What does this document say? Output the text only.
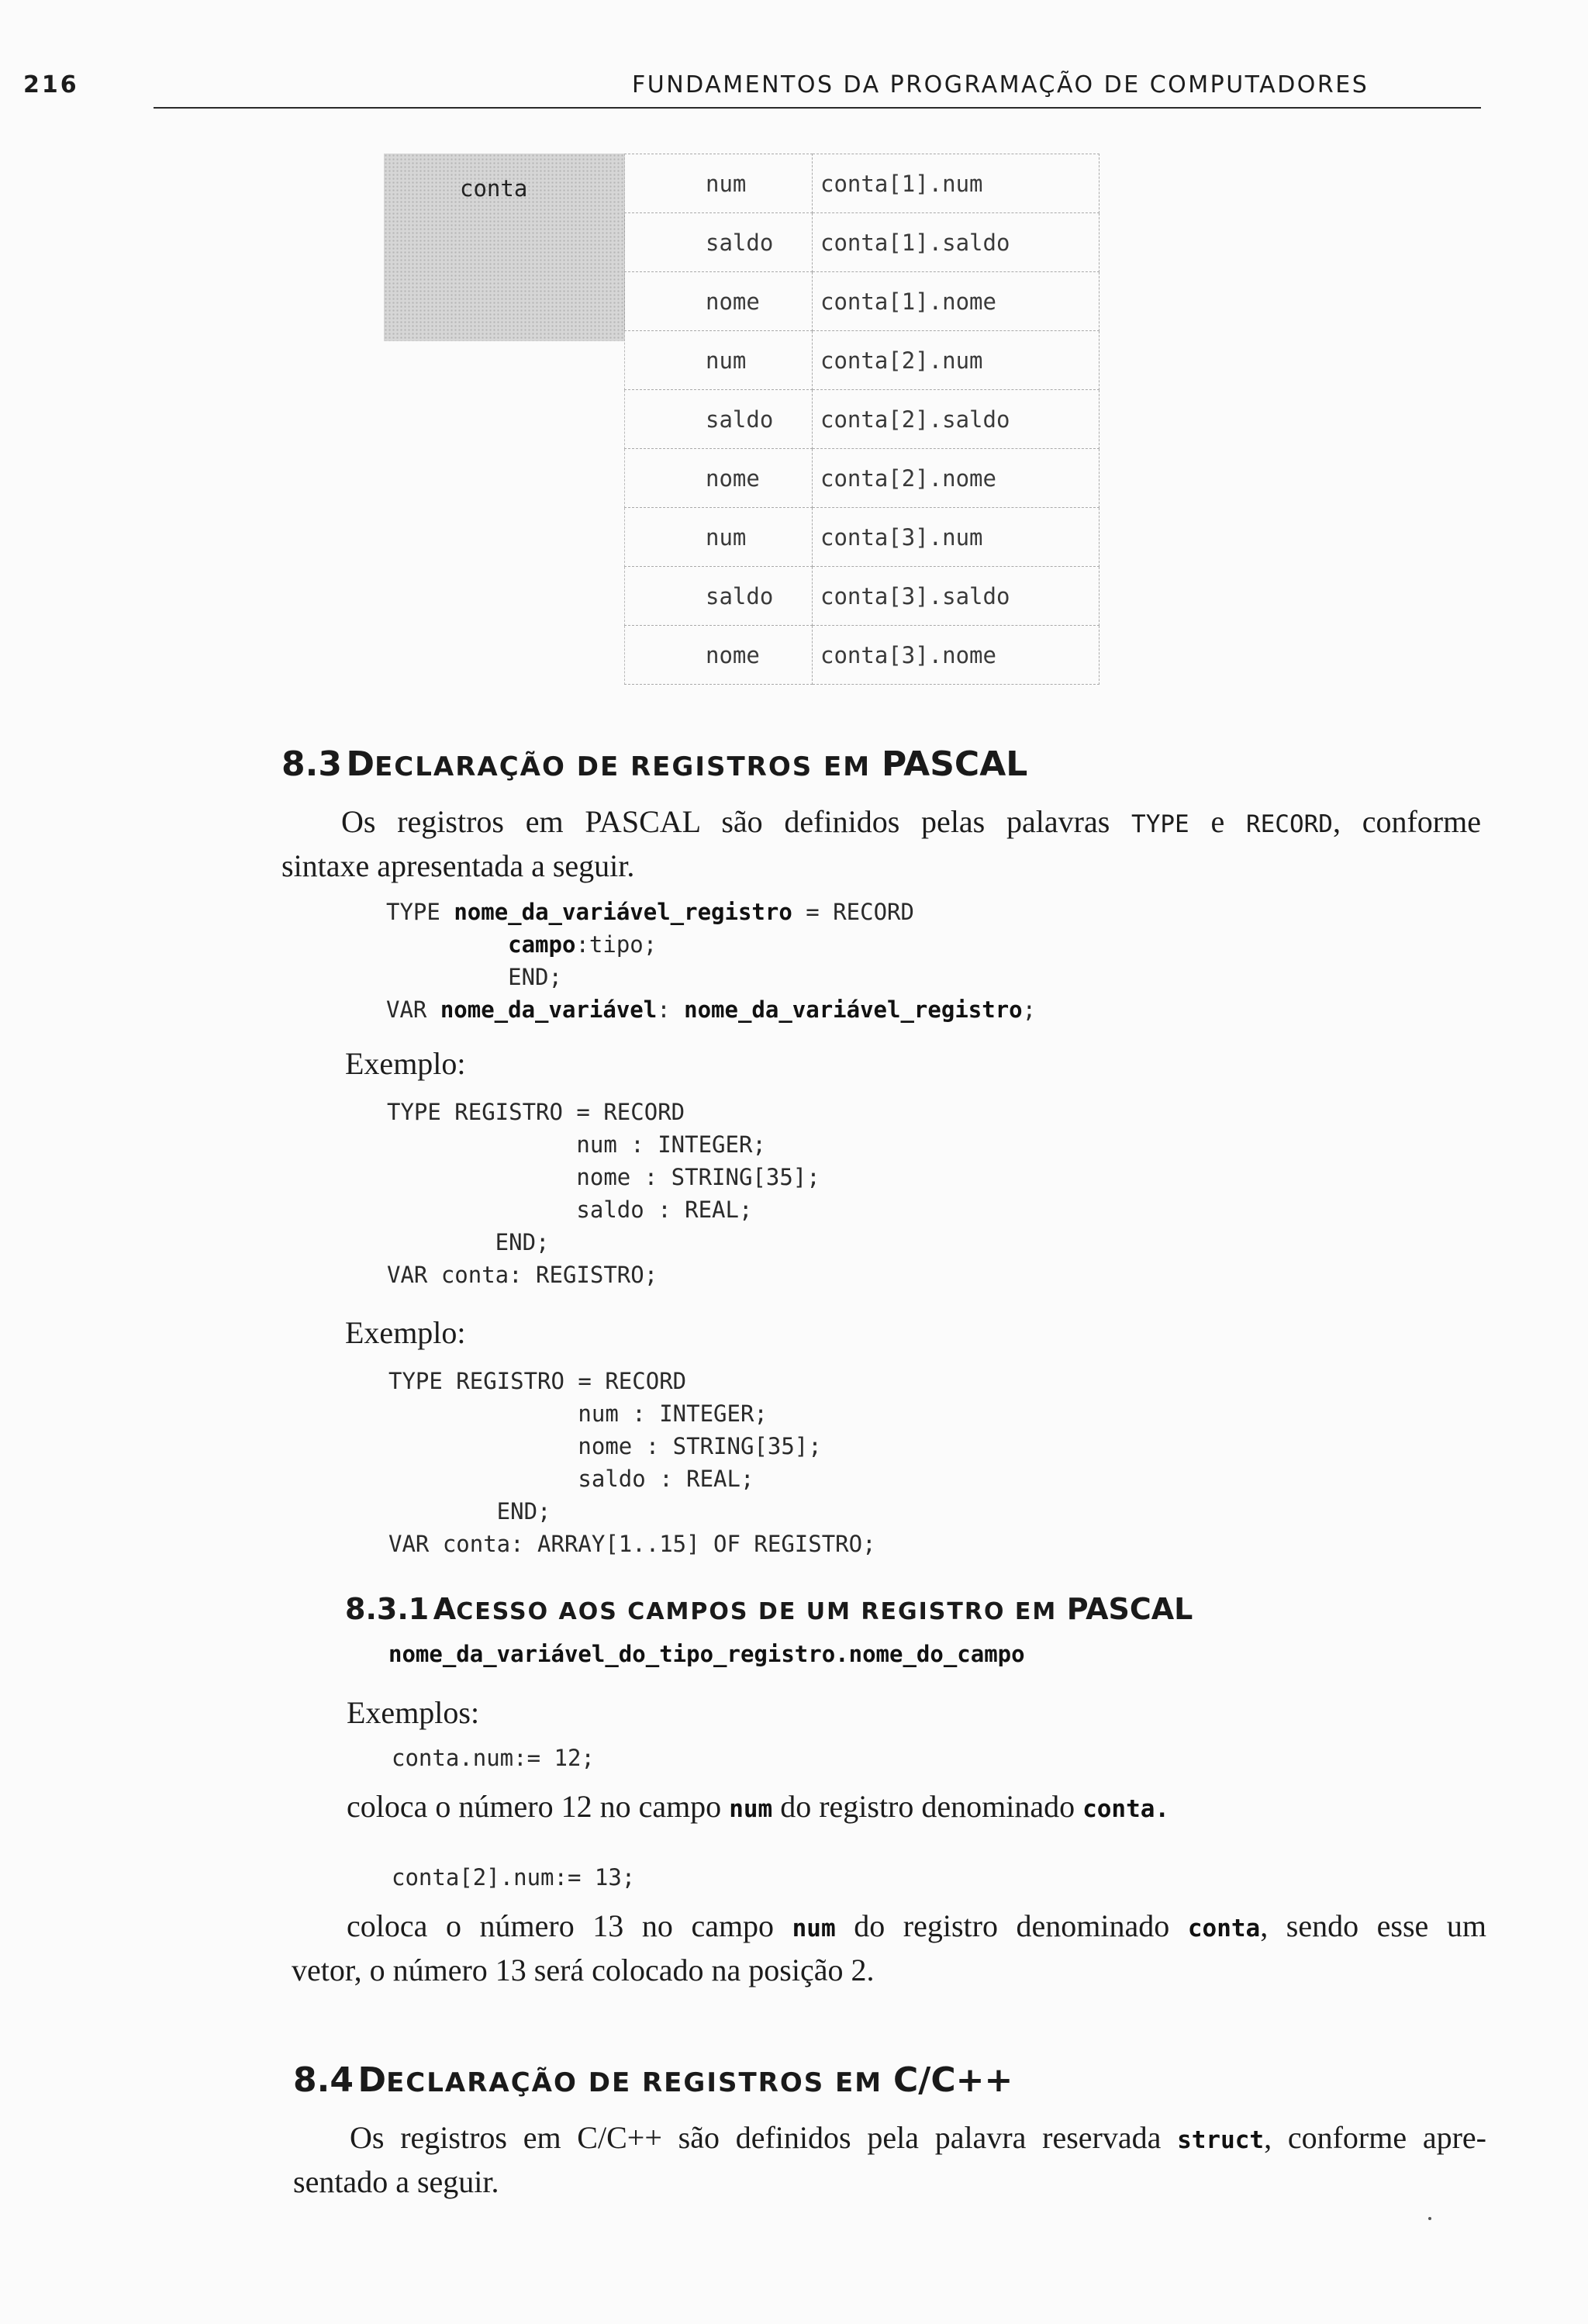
216	FUNDAMENTOS DA PROGRAMAÇÃO DE COMPUTADORES
conta	num	conta[1].num
saldo	conta[1].saldo
nome	conta[1].nome
num	conta[2].num
saldo	conta[2].saldo
nome	conta[2].nome
num	conta[3].num
saldo	conta[3].saldo
nome	conta[3].nome
8.3 DECLARAÇÃO DE REGISTROS EM PASCAL
Os registros em PASCAL são definidos pelas palavras TYPE e RECORD, conforme
sintaxe apresentada a seguir.
TYPE nome_da_variável_registro = RECORD
campo:tipo;
END;
VAR nome_da_variável: nome_da_variável_registro;
Exemplo:
TYPE REGISTRO = RECORD
num : INTEGER;
nome : STRING[35];
saldo : REAL;
END;
VAR conta: REGISTRO;
Exemplo:
TYPE REGISTRO = RECORD
num : INTEGER;
nome : STRING[35];
saldo : REAL;
END;
VAR conta: ARRAY[1..15] OF REGISTRO;
8.3.1 ACESSO AOS CAMPOS DE UM REGISTRO EM PASCAL
nome_da_variável_do_tipo_registro.nome_do_campo
Exemplos:
conta.num:= 12;
coloca o número 12 no campo num do registro denominado conta.
conta[2].num:= 13;
coloca o número 13 no campo num do registro denominado conta, sendo esse um
vetor, o número 13 será colocado na posição 2.
8.4 DECLARAÇÃO DE REGISTROS EM C/C++
Os registros em C/C++ são definidos pela palavra reservada struct, conforme apre-
sentado a seguir.
